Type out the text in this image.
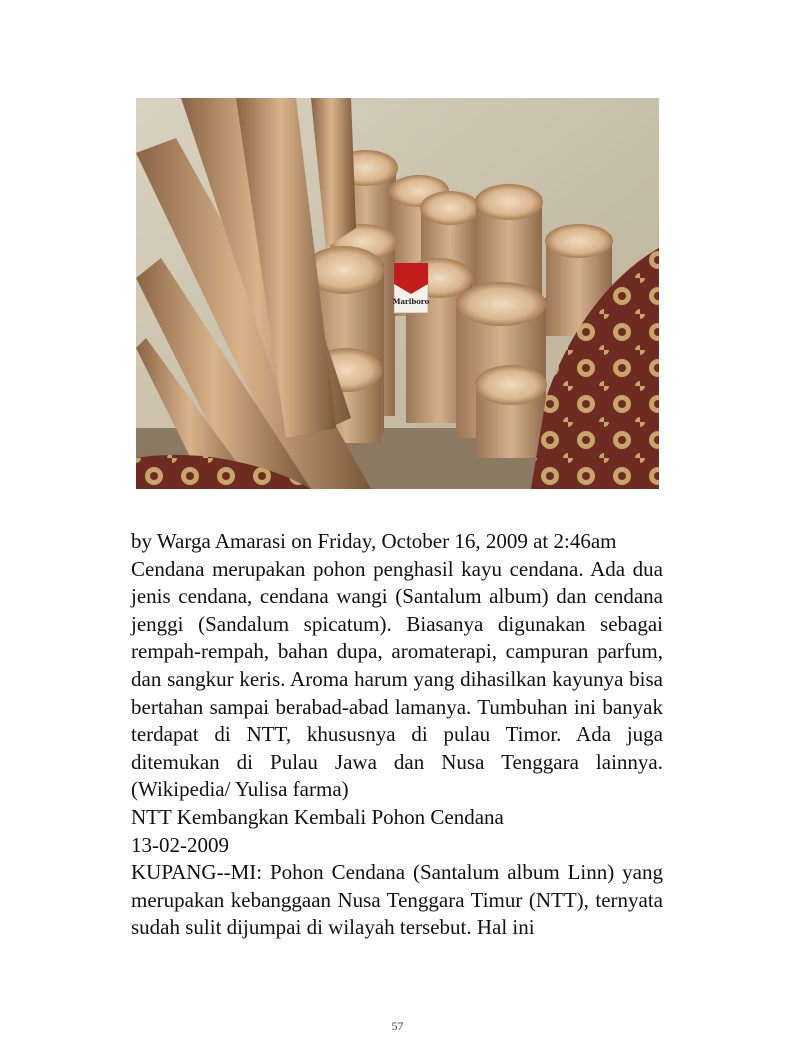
Marlboro

by Warga Amarasi on Friday, October 16, 2009 at 2:46am

Cendana merupakan pohon penghasil kayu cendana. Ada dua jenis cendana, cendana wangi (Santalum album) dan cendana jenggi (Sandalum spicatum). Biasanya digunakan sebagai rempah-rempah, bahan dupa, aromaterapi, campuran parfum, dan sangkur keris. Aroma harum yang dihasilkan kayunya bisa bertahan sampai berabad-abad lamanya. Tumbuhan ini banyak terdapat di NTT, khususnya di pulau Timor. Ada juga ditemukan di Pulau Jawa dan Nusa Tenggara lainnya. (Wikipedia/ Yulisa farma)

NTT Kembangkan Kembali Pohon Cendana

13-02-2009

KUPANG--MI: Pohon Cendana (Santalum album Linn) yang merupakan kebanggaan Nusa Tenggara Timur (NTT), ternyata sudah sulit dijumpai di wilayah tersebut. Hal ini

57
